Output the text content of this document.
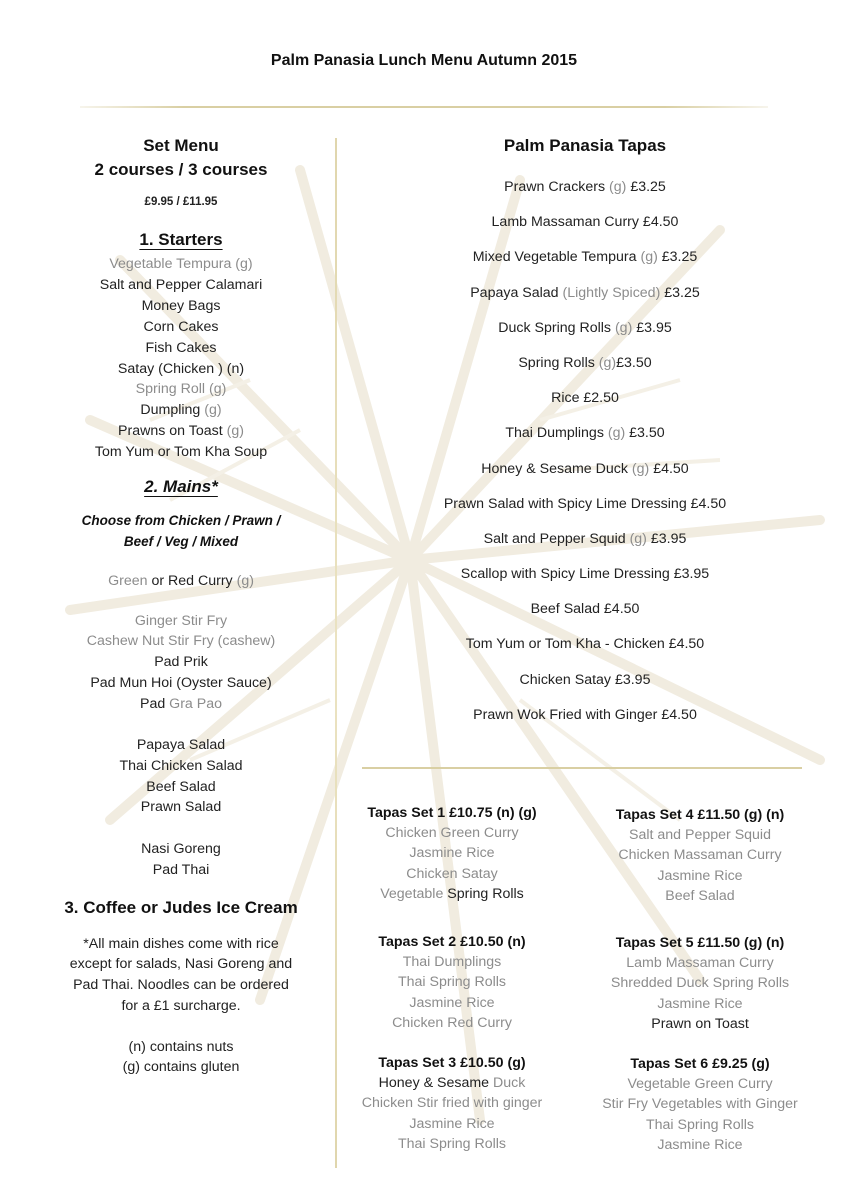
Palm Panasia Lunch Menu Autumn 2015
Set Menu
2 courses / 3 courses
£9.95 / £11.95
1. Starters
Vegetable Tempura (g)
Salt and Pepper Calamari
Money Bags
Corn Cakes
Fish Cakes
Satay (Chicken ) (n)
Spring Roll (g)
Dumpling (g)
Prawns on Toast (g)
Tom Yum or Tom Kha Soup
2. Mains*
Choose from Chicken / Prawn /
Beef / Veg / Mixed
Green or Red Curry (g)
Ginger Stir Fry
Cashew Nut Stir Fry (cashew)
Pad Prik
Pad Mun Hoi (Oyster Sauce)
Pad Gra Pao
Papaya Salad
Thai Chicken Salad
Beef Salad
Prawn Salad
Nasi Goreng
Pad Thai
3. Coffee or Judes Ice Cream
*All main dishes come with rice
except for salads, Nasi Goreng and
Pad Thai. Noodles can be ordered
for a £1 surcharge.
(n) contains nuts
(g) contains gluten
Palm Panasia Tapas
Prawn Crackers (g) £3.25
Lamb Massaman Curry £4.50
Mixed Vegetable Tempura (g) £3.25
Papaya Salad (Lightly Spiced) £3.25
Duck Spring Rolls (g) £3.95
Spring Rolls (g)£3.50
Rice £2.50
Thai Dumplings (g) £3.50
Honey & Sesame Duck (g) £4.50
Prawn Salad with Spicy Lime Dressing £4.50
Salt and Pepper Squid (g) £3.95
Scallop with Spicy Lime Dressing £3.95
Beef Salad £4.50
Tom Yum or Tom Kha - Chicken £4.50
Chicken Satay £3.95
Prawn Wok Fried with Ginger £4.50
Tapas Set 1 £10.75 (n) (g)
Chicken Green Curry
Jasmine Rice
Chicken Satay
Vegetable Spring Rolls
Tapas Set 2 £10.50 (n)
Thai Dumplings
Thai Spring Rolls
Jasmine Rice
Chicken Red Curry
Tapas Set 3 £10.50 (g)
Honey & Sesame Duck
Chicken Stir fried with ginger
Jasmine Rice
Thai Spring Rolls
Tapas Set 4 £11.50 (g) (n)
Salt and Pepper Squid
Chicken Massaman Curry
Jasmine Rice
Beef Salad
Tapas Set 5 £11.50 (g) (n)
Lamb Massaman Curry
Shredded Duck Spring Rolls
Jasmine Rice
Prawn on Toast
Tapas Set 6 £9.25 (g)
Vegetable Green Curry
Stir Fry Vegetables with Ginger
Thai Spring Rolls
Jasmine Rice
